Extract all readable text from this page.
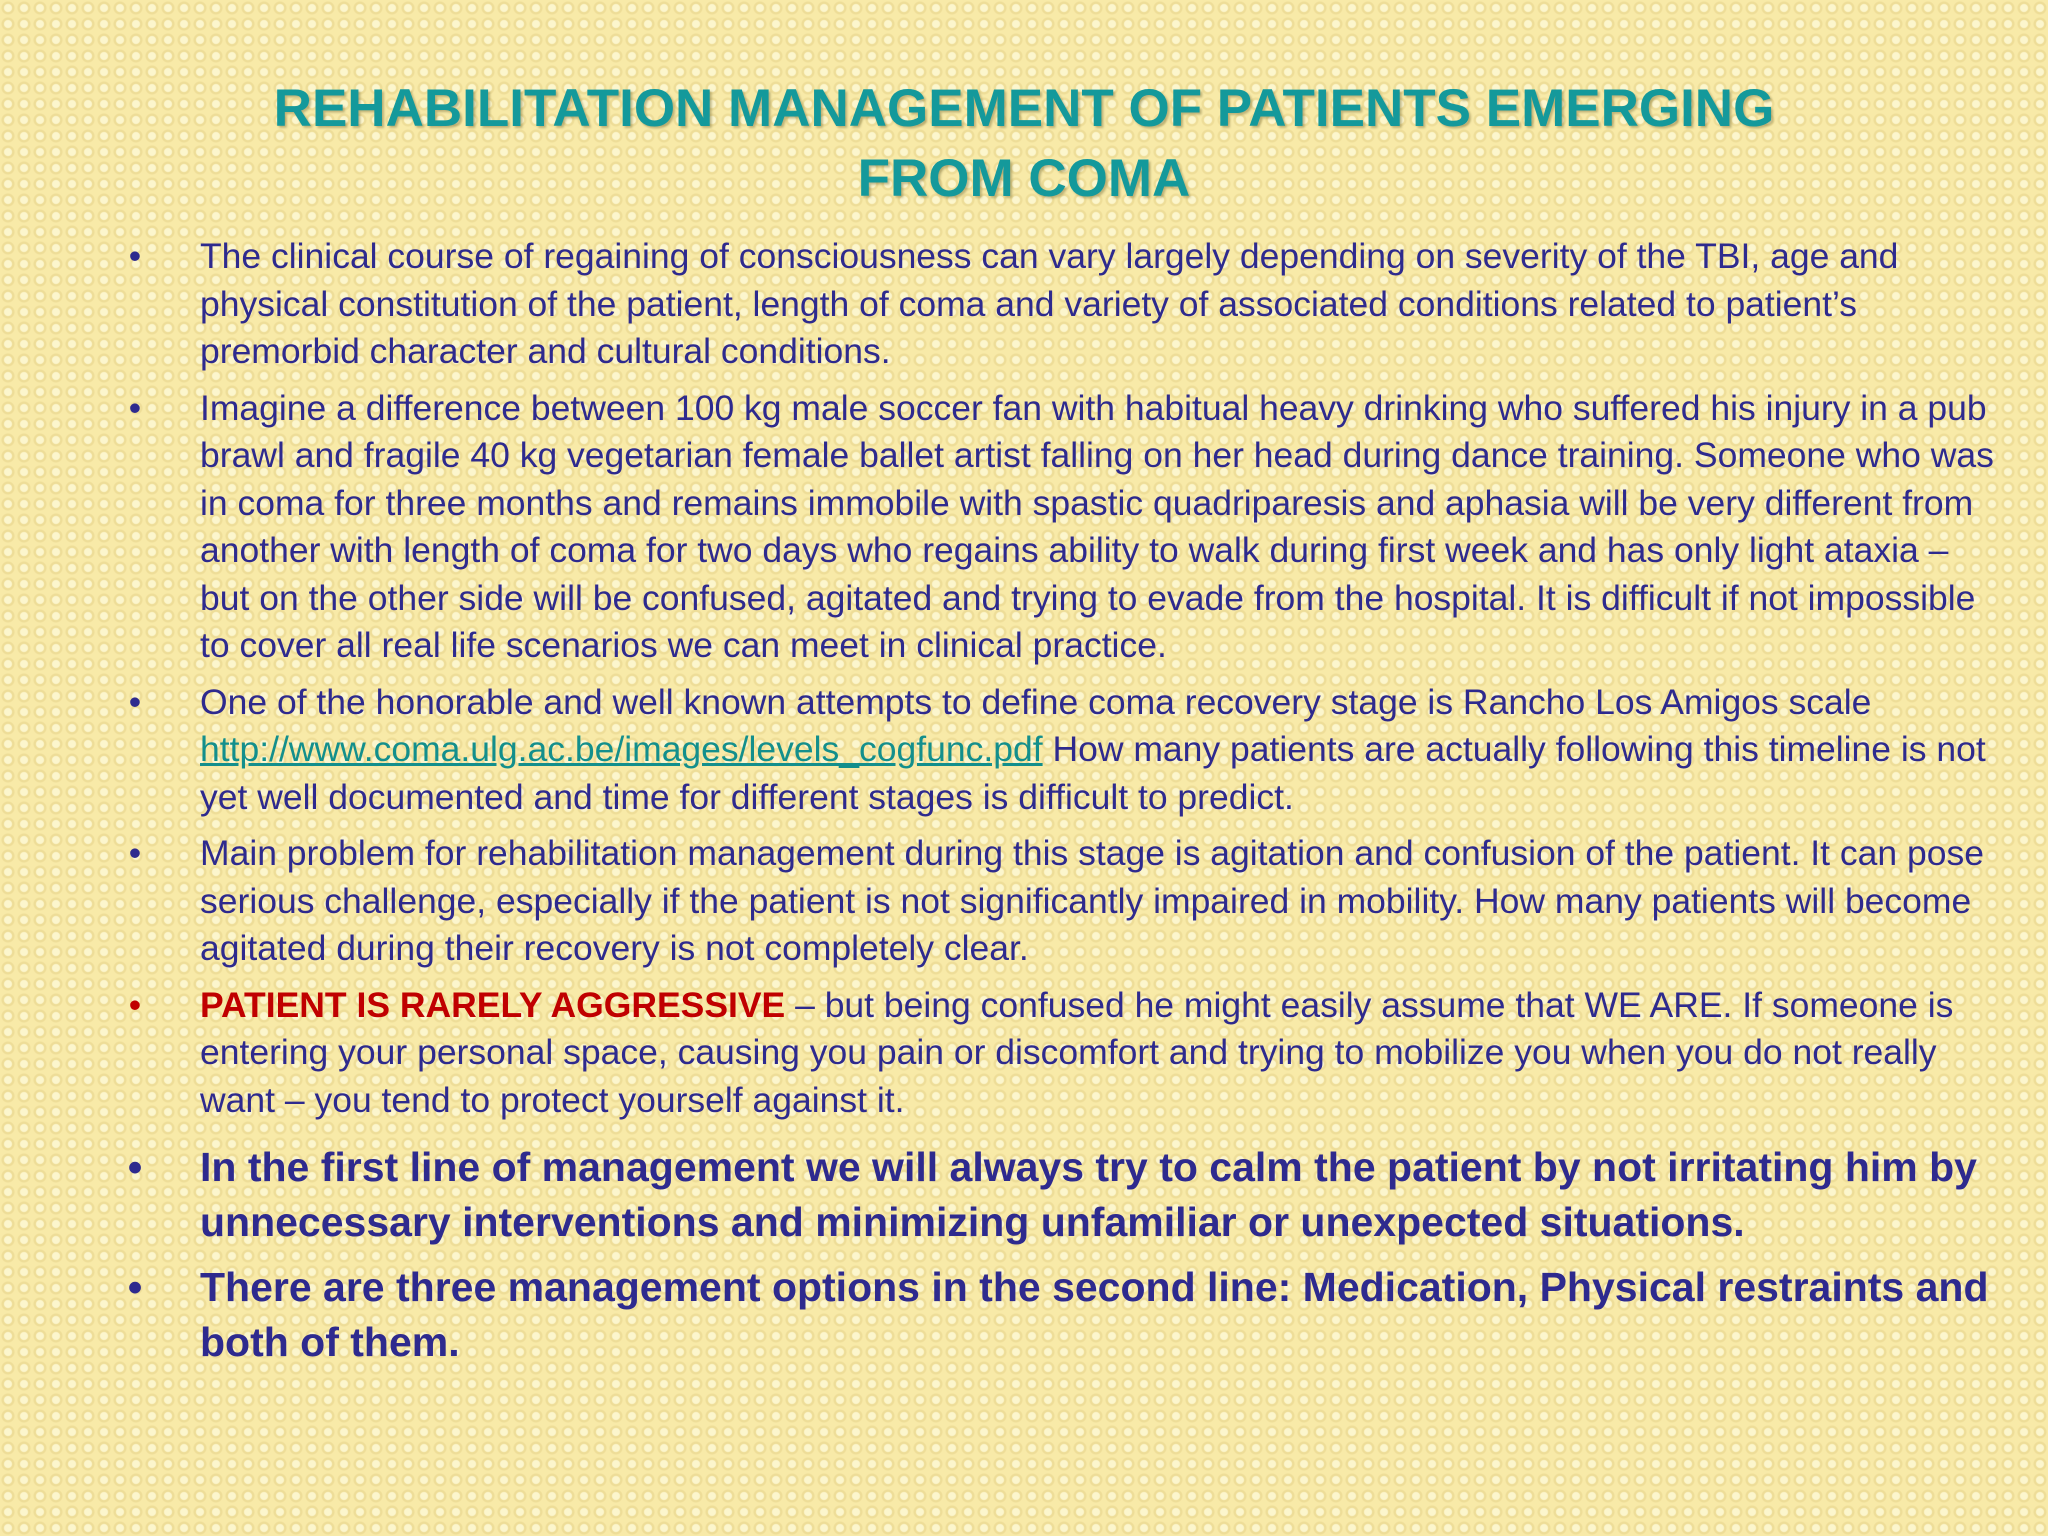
REHABILITATION MANAGEMENT OF PATIENTS EMERGING
FROM COMA
• The clinical course of regaining of consciousness can vary largely depending on severity of the TBI, age and physical constitution of the patient, length of coma and variety of associated conditions related to patient’s premorbid character and cultural conditions.
• Imagine a difference between 100 kg male soccer fan with habitual heavy drinking who suffered his injury in a pub brawl and fragile 40 kg vegetarian female ballet artist falling on her head during dance training. Someone who was in coma for three months and remains immobile with spastic quadriparesis and aphasia will be very different from another with length of coma for two days who regains ability to walk during first week and has only light ataxia – but on the other side will be confused, agitated and trying to evade from the hospital. It is difficult if not impossible to cover all real life scenarios we can meet in clinical practice.
• One of the honorable and well known attempts to define coma recovery stage is Rancho Los Amigos scale http://www.coma.ulg.ac.be/images/levels_cogfunc.pdf How many patients are actually following this timeline is not yet well documented and time for different stages is difficult to predict.
• Main problem for rehabilitation management during this stage is agitation and confusion of the patient. It can pose serious challenge, especially if the patient is not significantly impaired in mobility. How many patients will become agitated during their recovery is not completely clear.
• PATIENT IS RARELY AGGRESSIVE – but being confused he might easily assume that WE ARE. If someone is entering your personal space, causing you pain or discomfort and trying to mobilize you when you do not really want – you tend to protect yourself against it.
• In the first line of management we will always try to calm the patient by not irritating him by unnecessary interventions and minimizing unfamiliar or unexpected situations.
• There are three management options in the second line: Medication, Physical restraints and both of them.
